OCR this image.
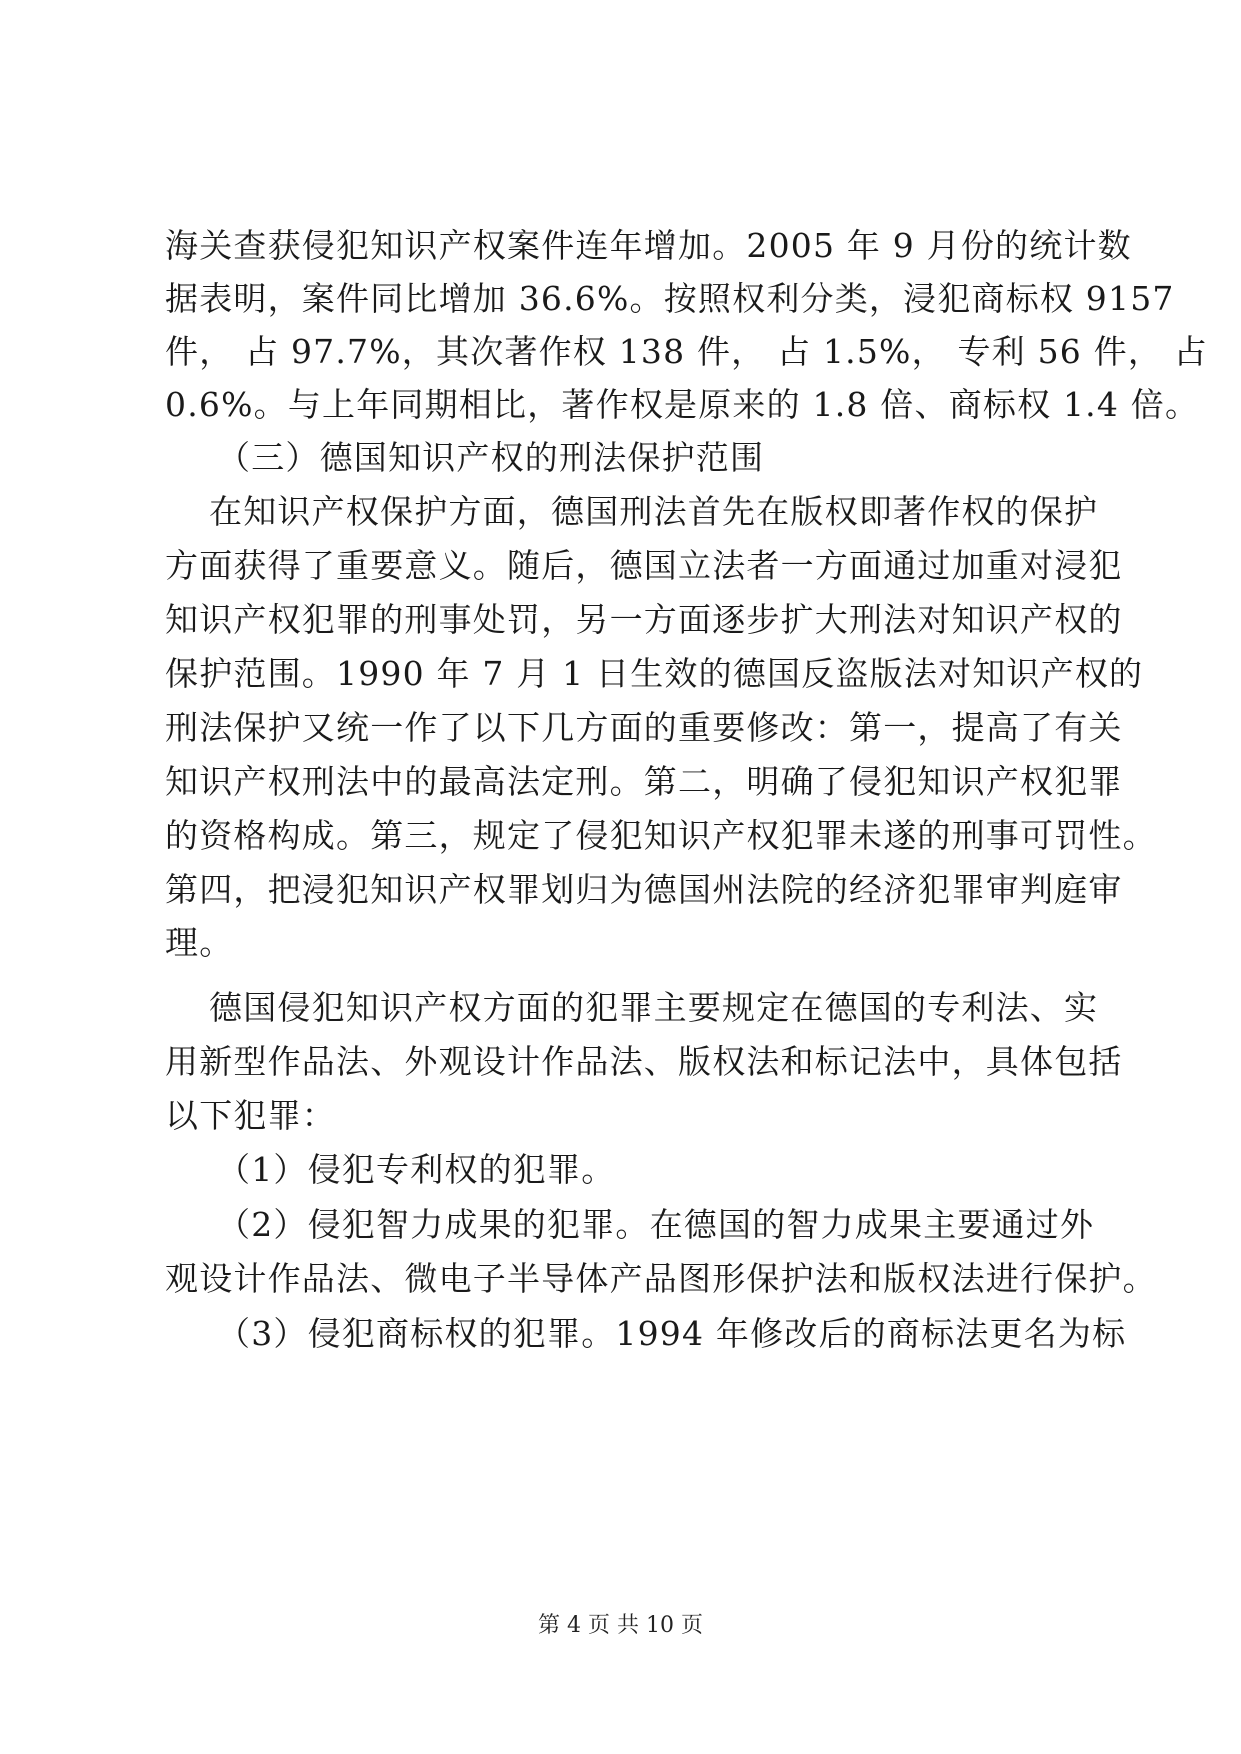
海关查获侵犯知识产权案件连年增加。2005 年 9 月份的统计数
据表明，案件同比增加 36.6%。按照权利分类，浸犯商标权 9157
件， 占 97.7%，其次著作权 138 件， 占 1.5%， 专利 56 件， 占
0.6%。与上年同期相比，著作权是原来的 1.8 倍、商标权 1.4 倍。
（三）德国知识产权的刑法保护范围
在知识产权保护方面，德国刑法首先在版权即著作权的保护
方面获得了重要意义。随后，德国立法者一方面通过加重对浸犯
知识产权犯罪的刑事处罚，另一方面逐步扩大刑法对知识产权的
保护范围。1990 年 7 月 1 日生效的德国反盗版法对知识产权的
刑法保护又统一作了以下几方面的重要修改：第一，提高了有关
知识产权刑法中的最高法定刑。第二，明确了侵犯知识产权犯罪
的资格构成。第三，规定了侵犯知识产权犯罪未遂的刑事可罚性。
第四，把浸犯知识产权罪划归为德国州法院的经济犯罪审判庭审
理。
德国侵犯知识产权方面的犯罪主要规定在德国的专利法、实
用新型作品法、外观设计作品法、版权法和标记法中，具体包括
以下犯罪：
（1）侵犯专利权的犯罪。
（2）侵犯智力成果的犯罪。在德国的智力成果主要通过外
观设计作品法、微电子半导体产品图形保护法和版权法进行保护。
（3）侵犯商标权的犯罪。1994 年修改后的商标法更名为标
第 4 页 共 10 页
